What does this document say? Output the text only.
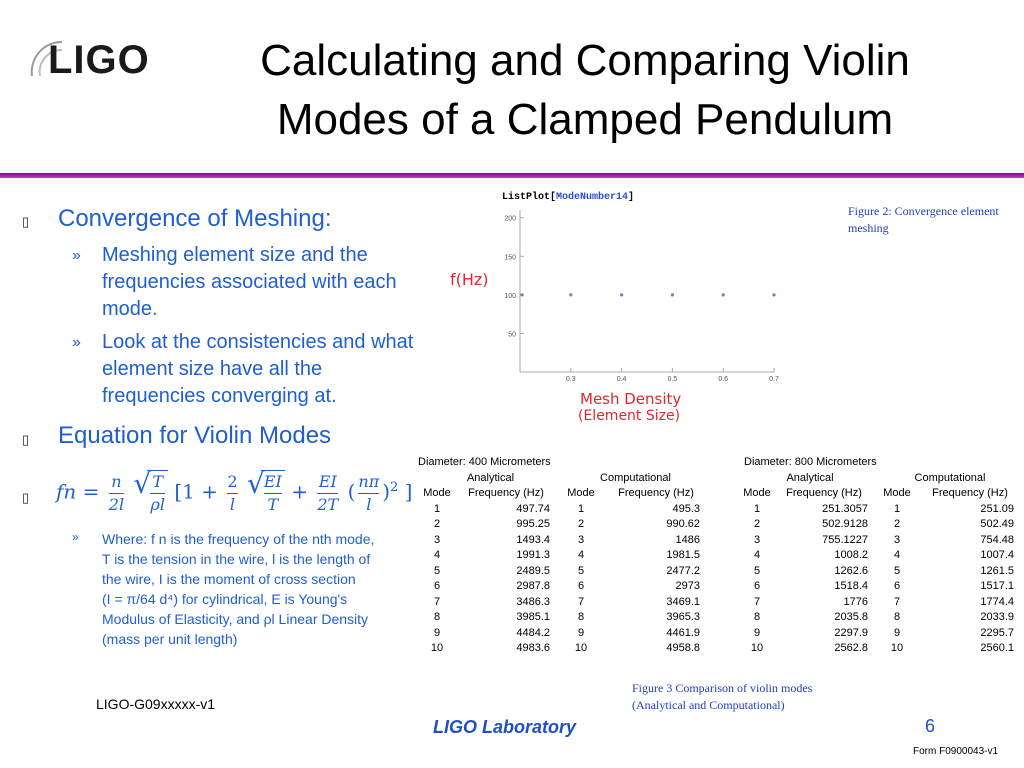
LIGO	Calculating and Comparing Violin
Modes of a Clamped Pendulum
▯ Convergence of Meshing:
» Meshing element size and the frequencies associated with each mode.
» Look at the consistencies and what element size have all the frequencies converging at.
▯ Equation for Violin Modes
▯ fn = $\frac{n}{2l}$
√ $\frac{T}{\rho l} [1 + \frac{2}{l}$
√ $\frac{EI}{T} + \frac{EI}{2T}$ ( $\frac{n\pi}{l} )^2$ ]
» Where: f n is the frequency of the nth mode,
T is the tension in the wire, l is the length of
the wire, I is the moment of cross section
(I = π/64 d⁴) for cylindrical, E is Young's
Modulus of Elasticity, and ρl Linear Density
(mass per unit length)
ListPlot[ModeNumber14]
50
100
150
200
0.3	0.4	0.5	0.6	0.7
f(Hz)
Mesh Density
(Element Size)
Figure 2: Convergence element meshing
Diameter: 400 Micrometers
Analytical	Computational
Mode	Frequency (Hz)	Mode	Frequency (Hz)
1	497.74	1	495.3
2	995.25	2	990.62
3	1493.4	3	1486
4	1991.3	4	1981.5
5	2489.5	5	2477.2
6	2987.8	6	2973
7	3486.3	7	3469.1
8	3985.1	8	3965.3
9	4484.2	9	4461.9
10	4983.6	10	4958.8
Diameter: 800 Micrometers
Analytical	Computational
Mode	Frequency (Hz)	Mode	Frequency (Hz)
1	251.3057	1	251.09
2	502.9128	2	502.49
3	755.1227	3	754.48
4	1008.2	4	1007.4
5	1262.6	5	1261.5
6	1518.4	6	1517.1
7	1776	7	1774.4
8	2035.8	8	2033.9
9	2297.9	9	2295.7
10	2562.8	10	2560.1
Figure 3 Comparison of violin modes
(Analytical and Computational)
LIGO-G09xxxxx-v1
LIGO Laboratory	6
Form F0900043-v1
